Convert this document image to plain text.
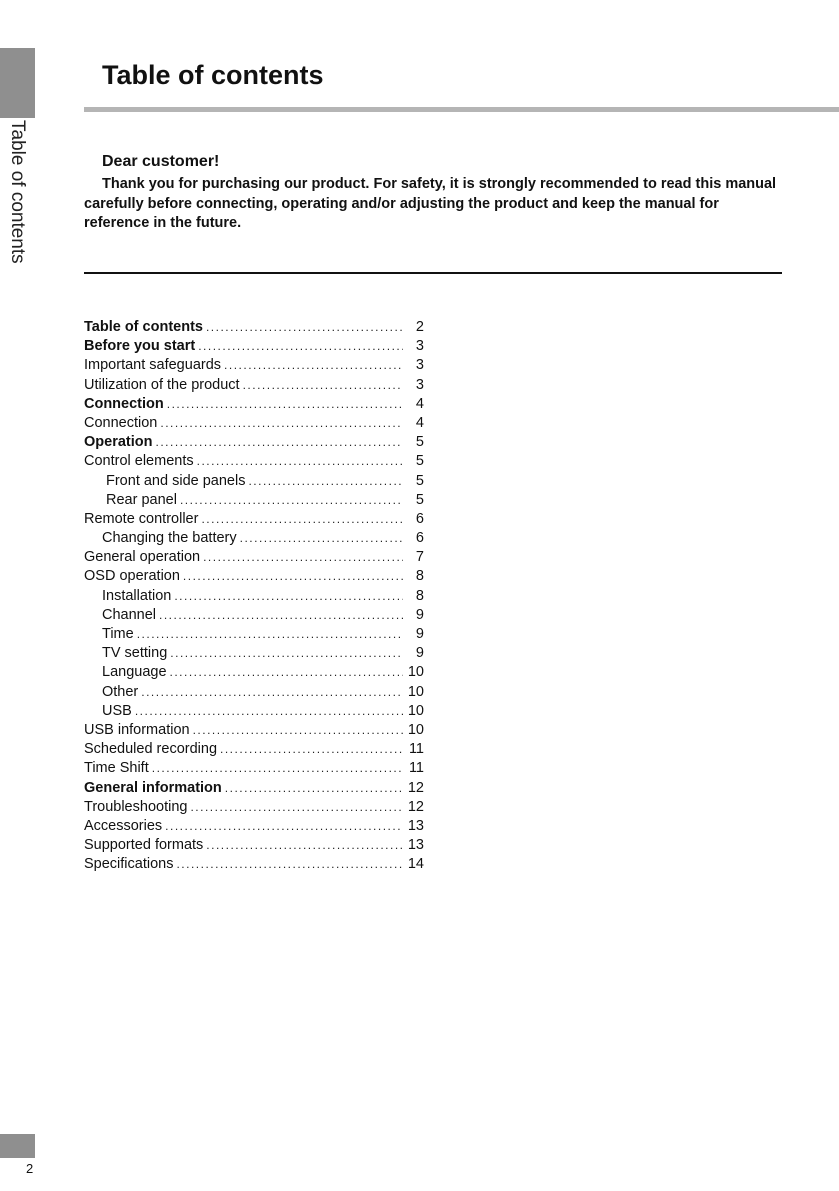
Table of contents
Table of contents
Dear customer!
Thank you for purchasing our product. For safety, it is strongly recommended to read this manual carefully before connecting, operating and/or adjusting the product and keep the manual for reference in the future.
Table of contents .....	2
Before you start .....	3
Important safeguards .....	3
Utilization of the product .....	3
Connection .....	4
Connection .....	4
Operation .....	5
Control elements .....	5
Front and side panels .....	5
Rear panel .....	5
Remote controller .....	6
Changing the battery .....	6
General operation .....	7
OSD operation .....	8
Installation .....	8
Channel .....	9
Time .....	9
TV setting .....	9
Language .....	10
Other .....	10
USB .....	10
USB information .....	10
Scheduled recording .....	11
Time Shift .....	11
General information .....	12
Troubleshooting .....	12
Accessories .....	13
Supported formats .....	13
Specifications .....	14
2
